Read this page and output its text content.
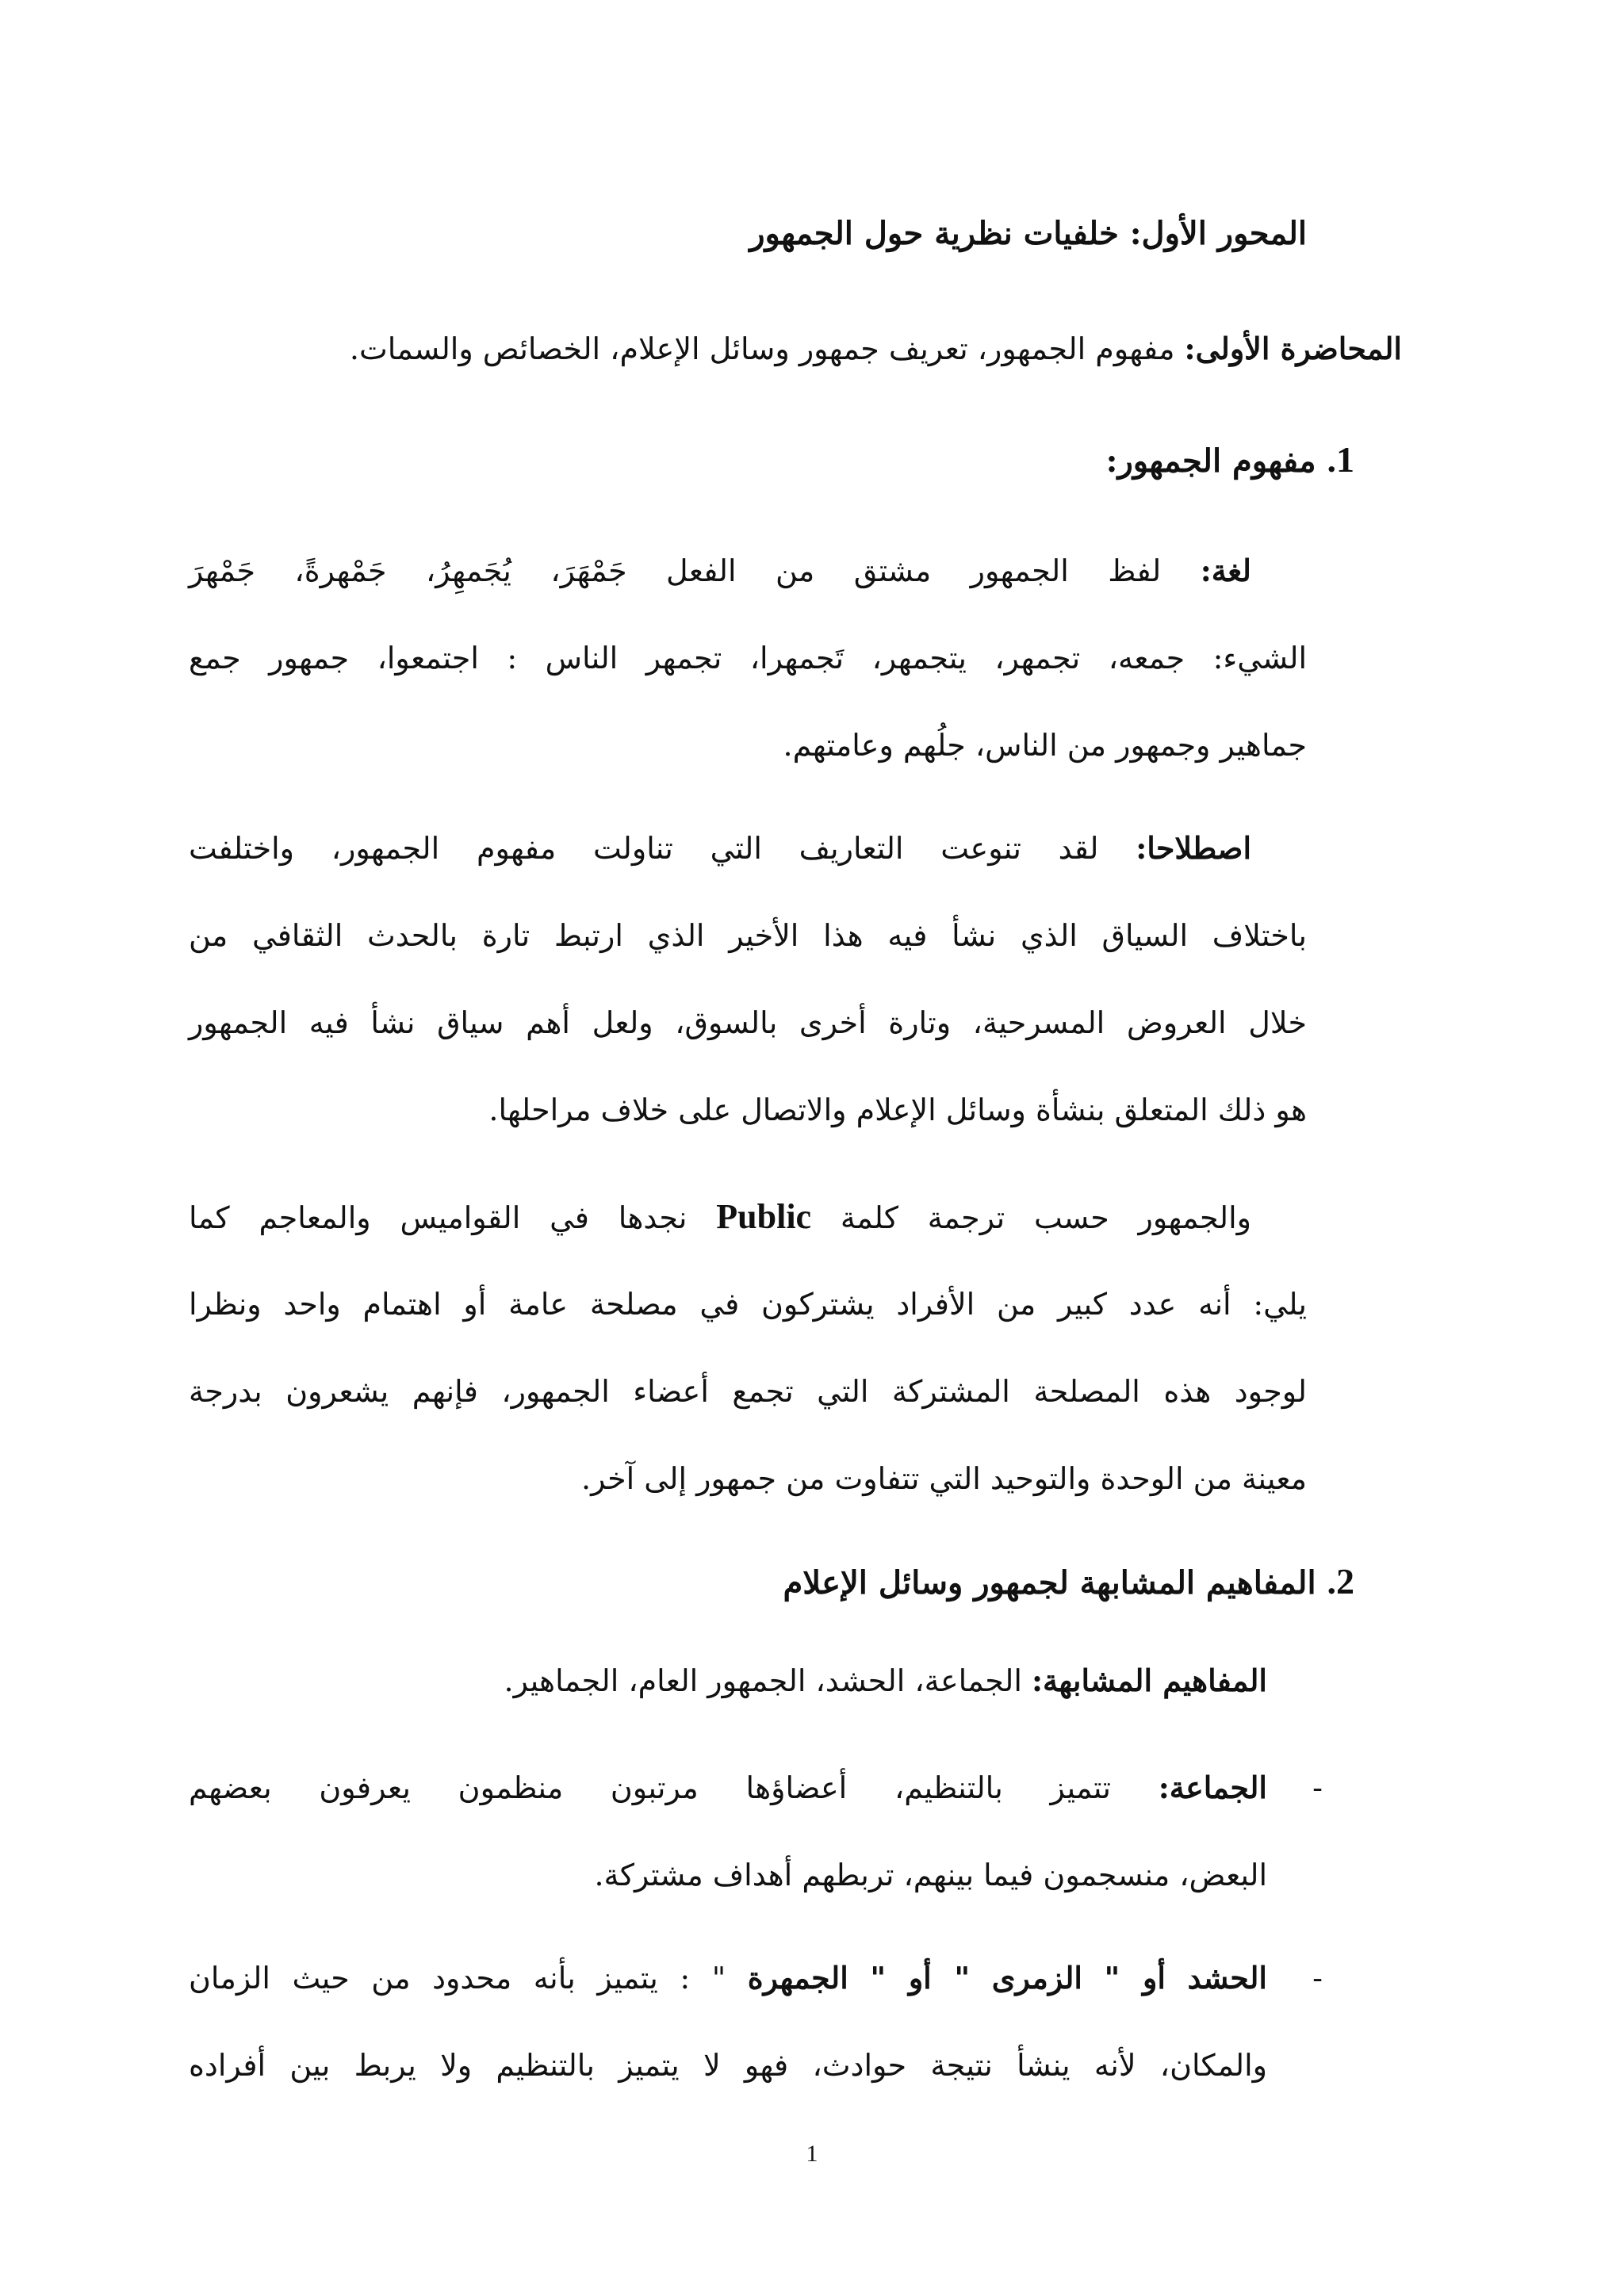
المحور الأول: خلفيات نظرية حول الجمهور
المحاضرة الأولى: مفهوم الجمهور، تعريف جمهور وسائل الإعلام، الخصائص والسمات.
1. مفهوم الجمهور:
لغة: لفظ الجمهور مشتق من الفعل جَمْهَرَ، يُجَمهِرُ، جَمْهرةً، جَمْهرَ
الشيء: جمعه، تجمهر، يتجمهر، تَجمهرا، تجمهر الناس : اجتمعوا، جمهور جمع
جماهير وجمهور من الناس، جلُهم وعامتهم.
اصطلاحا: لقد تنوعت التعاريف التي تناولت مفهوم الجمهور، واختلفت
باختلاف السياق الذي نشأ فيه هذا الأخير الذي ارتبط تارة بالحدث الثقافي من
خلال العروض المسرحية، وتارة أخرى بالسوق، ولعل أهم سياق نشأ فيه الجمهور
هو ذلك المتعلق بنشأة وسائل الإعلام والاتصال على خلاف مراحلها.
والجمهور حسب ترجمة كلمة Public نجدها في القواميس والمعاجم كما
يلي: أنه عدد كبير من الأفراد يشتركون في مصلحة عامة أو اهتمام واحد ونظرا
لوجود هذه المصلحة المشتركة التي تجمع أعضاء الجمهور، فإنهم يشعرون بدرجة
معينة من الوحدة والتوحيد التي تتفاوت من جمهور إلى آخر.
2. المفاهيم المشابهة لجمهور وسائل الإعلام
المفاهيم المشابهة: الجماعة، الحشد، الجمهور العام، الجماهير.
-
الجماعة: تتميز بالتنظيم، أعضاؤها مرتبون منظمون يعرفون بعضهم
البعض، منسجمون فيما بينهم، تربطهم أهداف مشتركة.
-
الحشد أو " الزمرى " أو " الجمهرة " : يتميز بأنه محدود من حيث الزمان
والمكان، لأنه ينشأ نتيجة حوادث، فهو لا يتميز بالتنظيم ولا يربط بين أفراده
1
